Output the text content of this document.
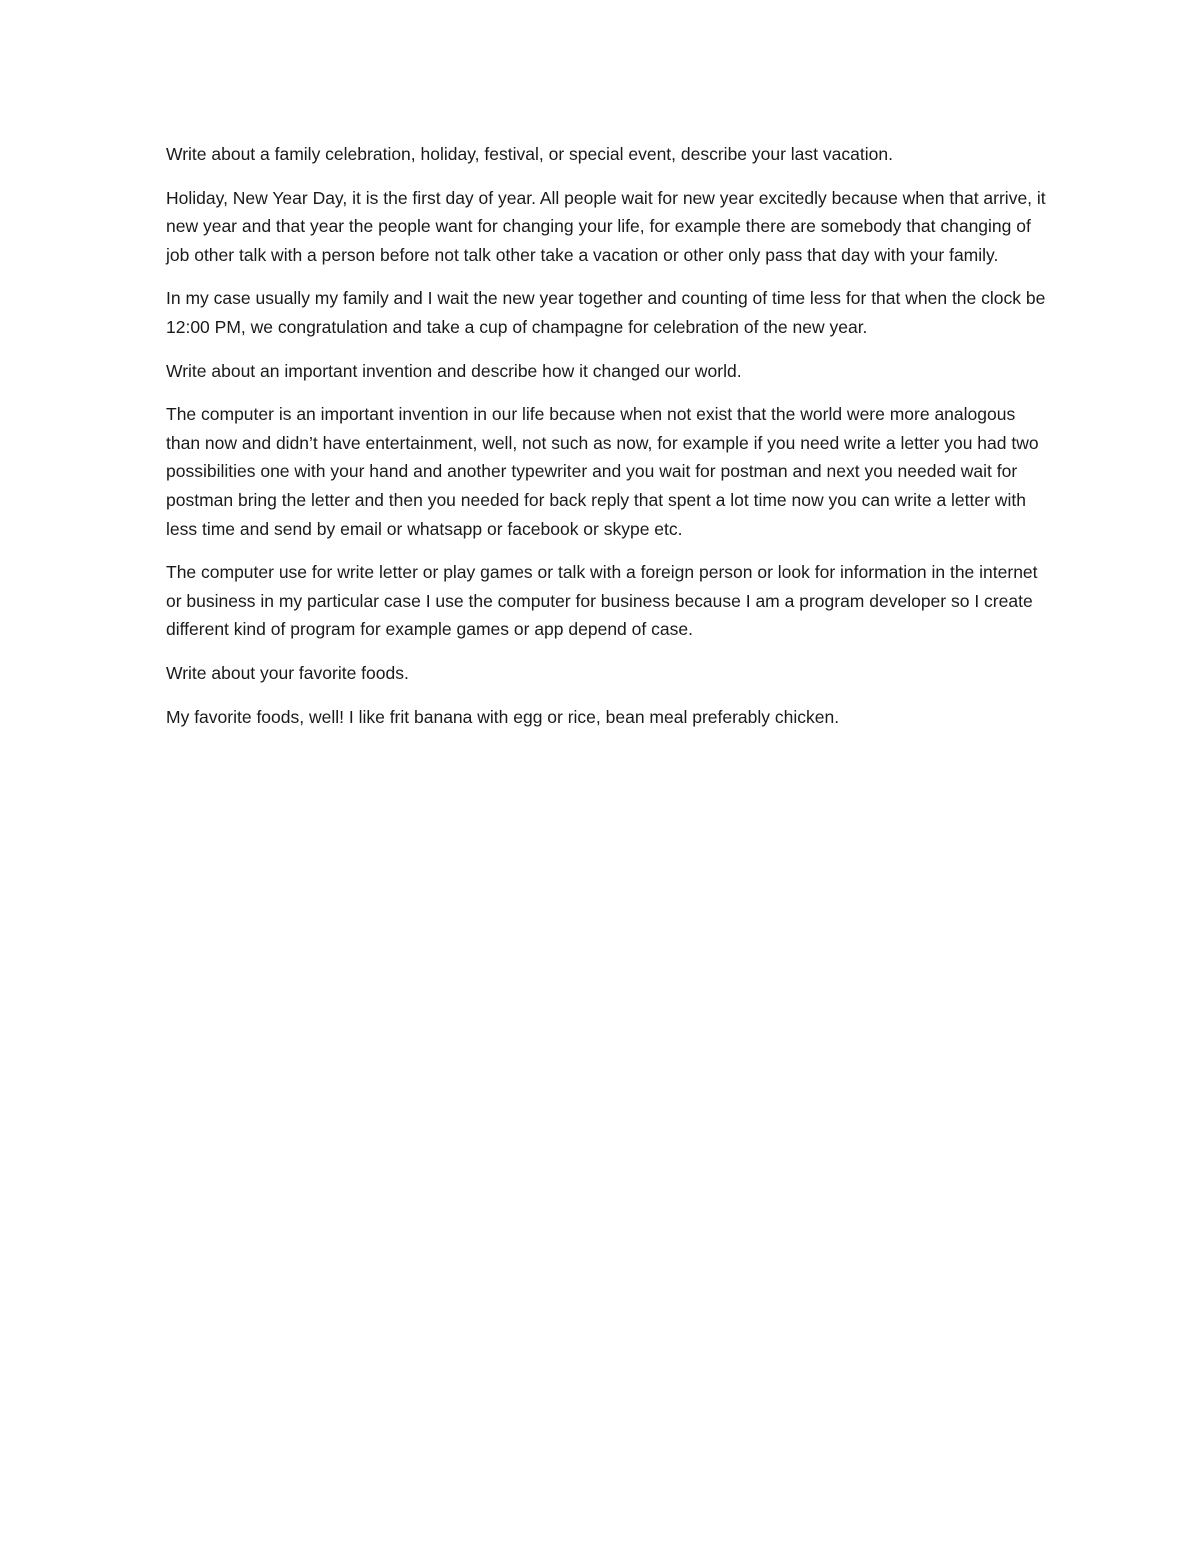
Write about a family celebration, holiday, festival, or special event, describe your last vacation.

Holiday, New Year Day, it is the first day of year. All people wait for new year excitedly because when that arrive, it new year and that year the people want for changing your life, for example there are somebody that changing of job other talk with a person before not talk other take a vacation or other only pass that day with your family.

In my case usually my family and I wait the new year together and counting of time less for that when the clock be 12:00 PM, we congratulation and take a cup of champagne for celebration of the new year.

Write about an important invention and describe how it changed our world.

The computer is an important invention in our life because when not exist that the world were more analogous than now and didn’t have entertainment, well, not such as now, for example if you need write a letter you had two possibilities one with your hand and another typewriter and you wait for postman and next you needed wait for postman bring the letter and then you needed for back reply that spent a lot time now you can write a letter with less time and send by email or whatsapp or facebook or skype etc.

The computer use for write letter or play games or talk with a foreign person or look for information in the internet or business in my particular case I use the computer for business because I am a program developer so I create different kind of program for example games or app depend of case.

Write about your favorite foods.

My favorite foods, well! I like frit banana with egg or rice, bean meal preferably chicken.
